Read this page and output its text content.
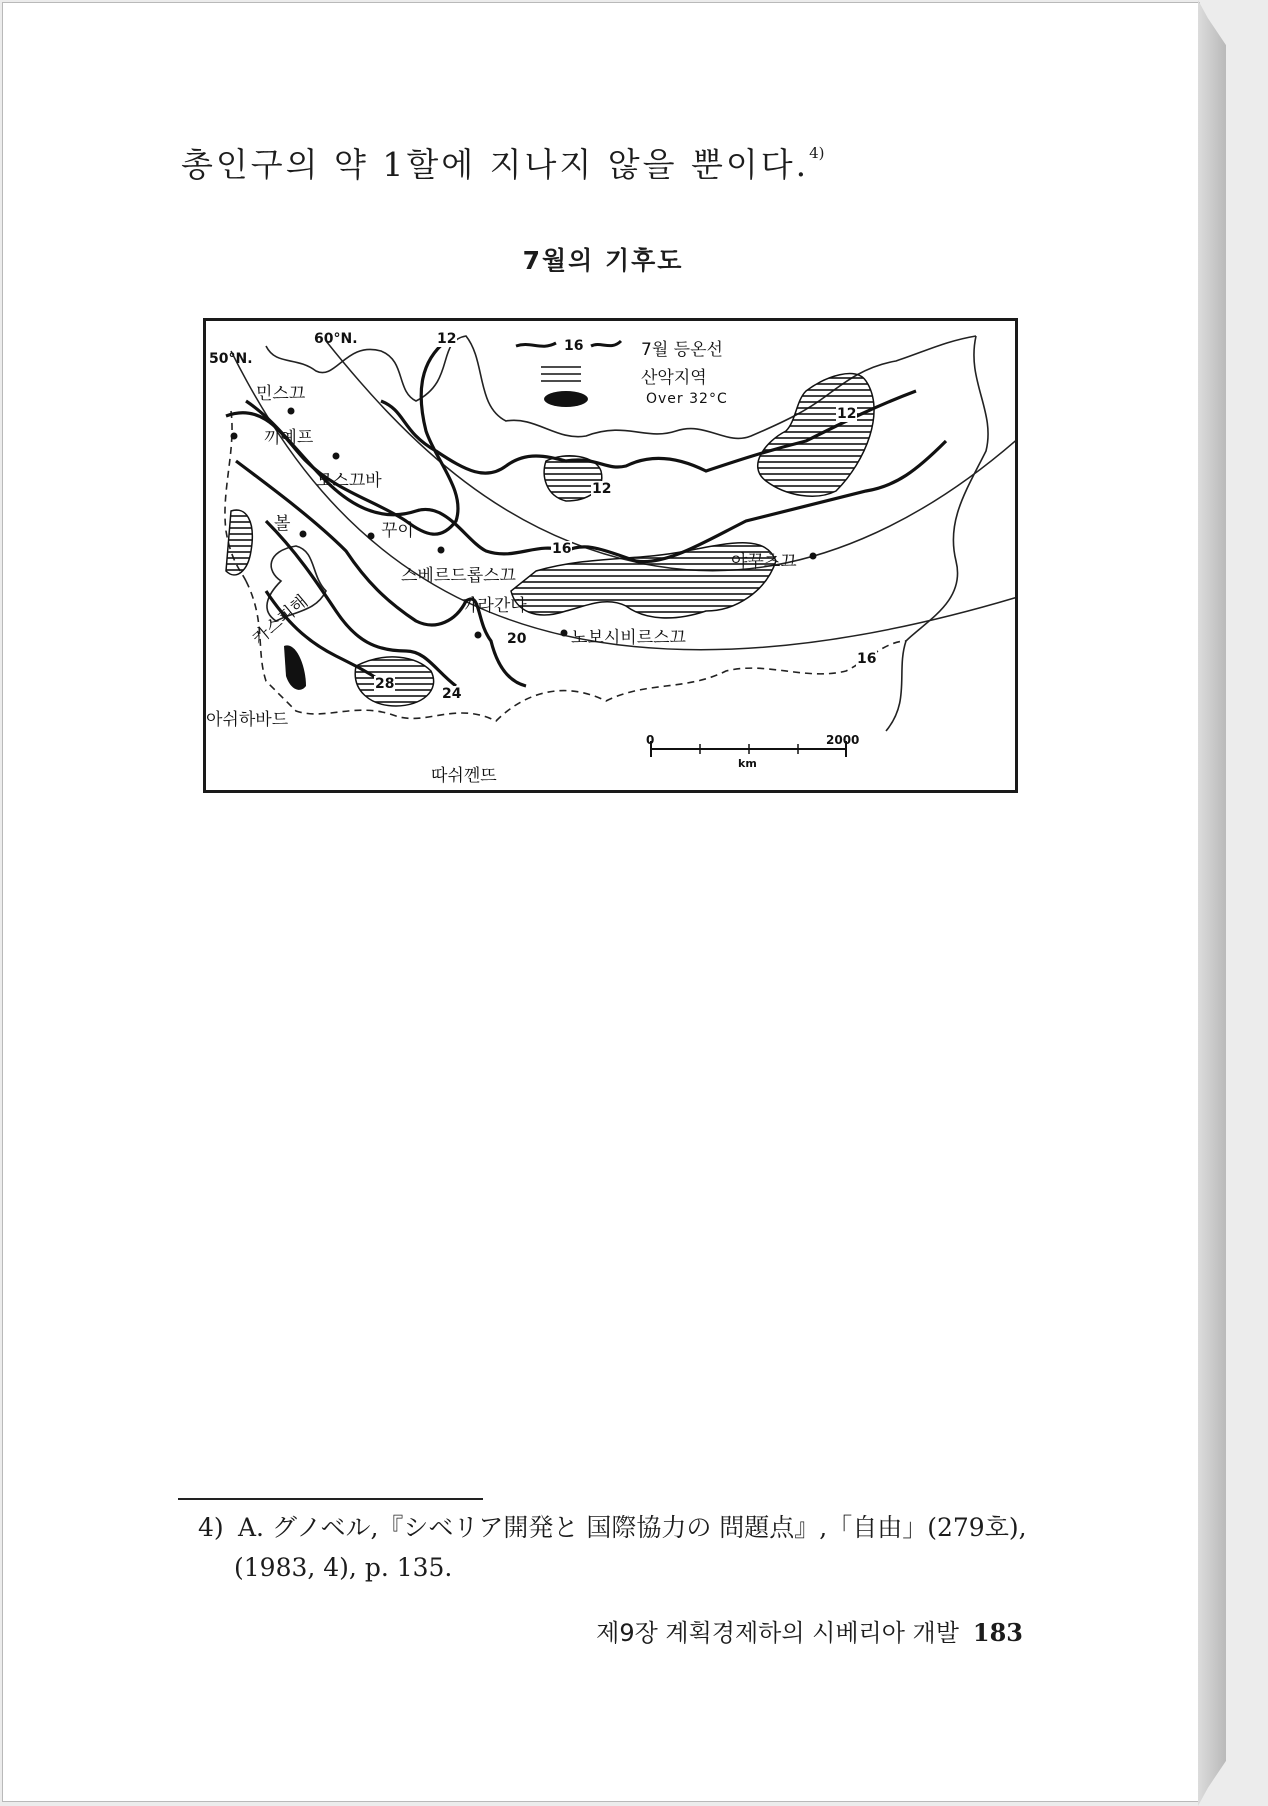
총인구의 약 1할에 지나지 않을 뿐이다.$^{4)}$
7월의 기후도
50°N.
60°N.	16	7월 등온선
산악지역
Over 32°C
12
12
12
16
16
20
24
28
민스끄
끼예프
모스끄바
볼	꾸이
스베르드롭스끄
까라간다
노보시비르스끄
야꾸츠끄
카스피해
아쉬하바드
따쉬껜뜨
0	2000
km
4) A. グノベル,『シベリア開発と 国際協力の 問題点』,「自由」(279호),
(1983, 4), p. 135.
제9장 계획경제하의 시베리아 개발 183
